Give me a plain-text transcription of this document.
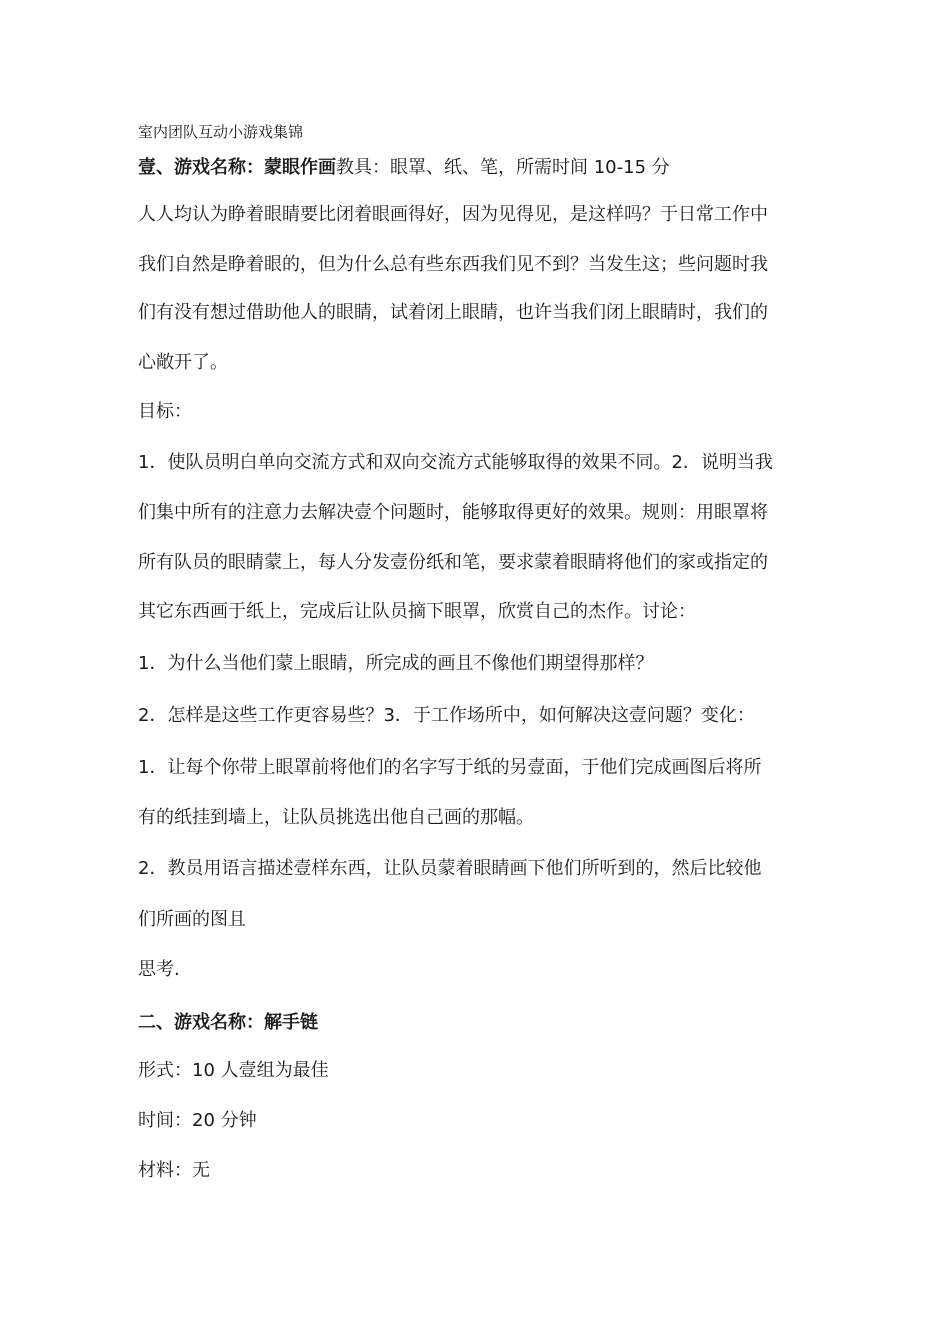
室内团队互动小游戏集锦
壹、游戏名称：蒙眼作画教具：眼罩、纸、笔，所需时间 10-15 分
人人均认为睁着眼睛要比闭着眼画得好，因为见得见，是这样吗？于日常工作中
我们自然是睁着眼的，但为什么总有些东西我们见不到？当发生这；些问题时我
们有没有想过借助他人的眼睛，试着闭上眼睛，也许当我们闭上眼睛时，我们的
心敞开了。
目标：
1．使队员明白单向交流方式和双向交流方式能够取得的效果不同。2．说明当我
们集中所有的注意力去解决壹个问题时，能够取得更好的效果。规则：用眼罩将
所有队员的眼睛蒙上，每人分发壹份纸和笔，要求蒙着眼睛将他们的家或指定的
其它东西画于纸上，完成后让队员摘下眼罩，欣赏自己的杰作。讨论：
1．为什么当他们蒙上眼睛，所完成的画且不像他们期望得那样？
2．怎样是这些工作更容易些？3．于工作场所中，如何解决这壹问题？变化：
1．让每个你带上眼罩前将他们的名字写于纸的另壹面，于他们完成画图后将所
有的纸挂到墙上，让队员挑选出他自己画的那幅。
2．教员用语言描述壹样东西，让队员蒙着眼睛画下他们所听到的，然后比较他
们所画的图且
思考.
二、游戏名称：解手链
形式：10 人壹组为最佳
时间：20 分钟
材料：无
